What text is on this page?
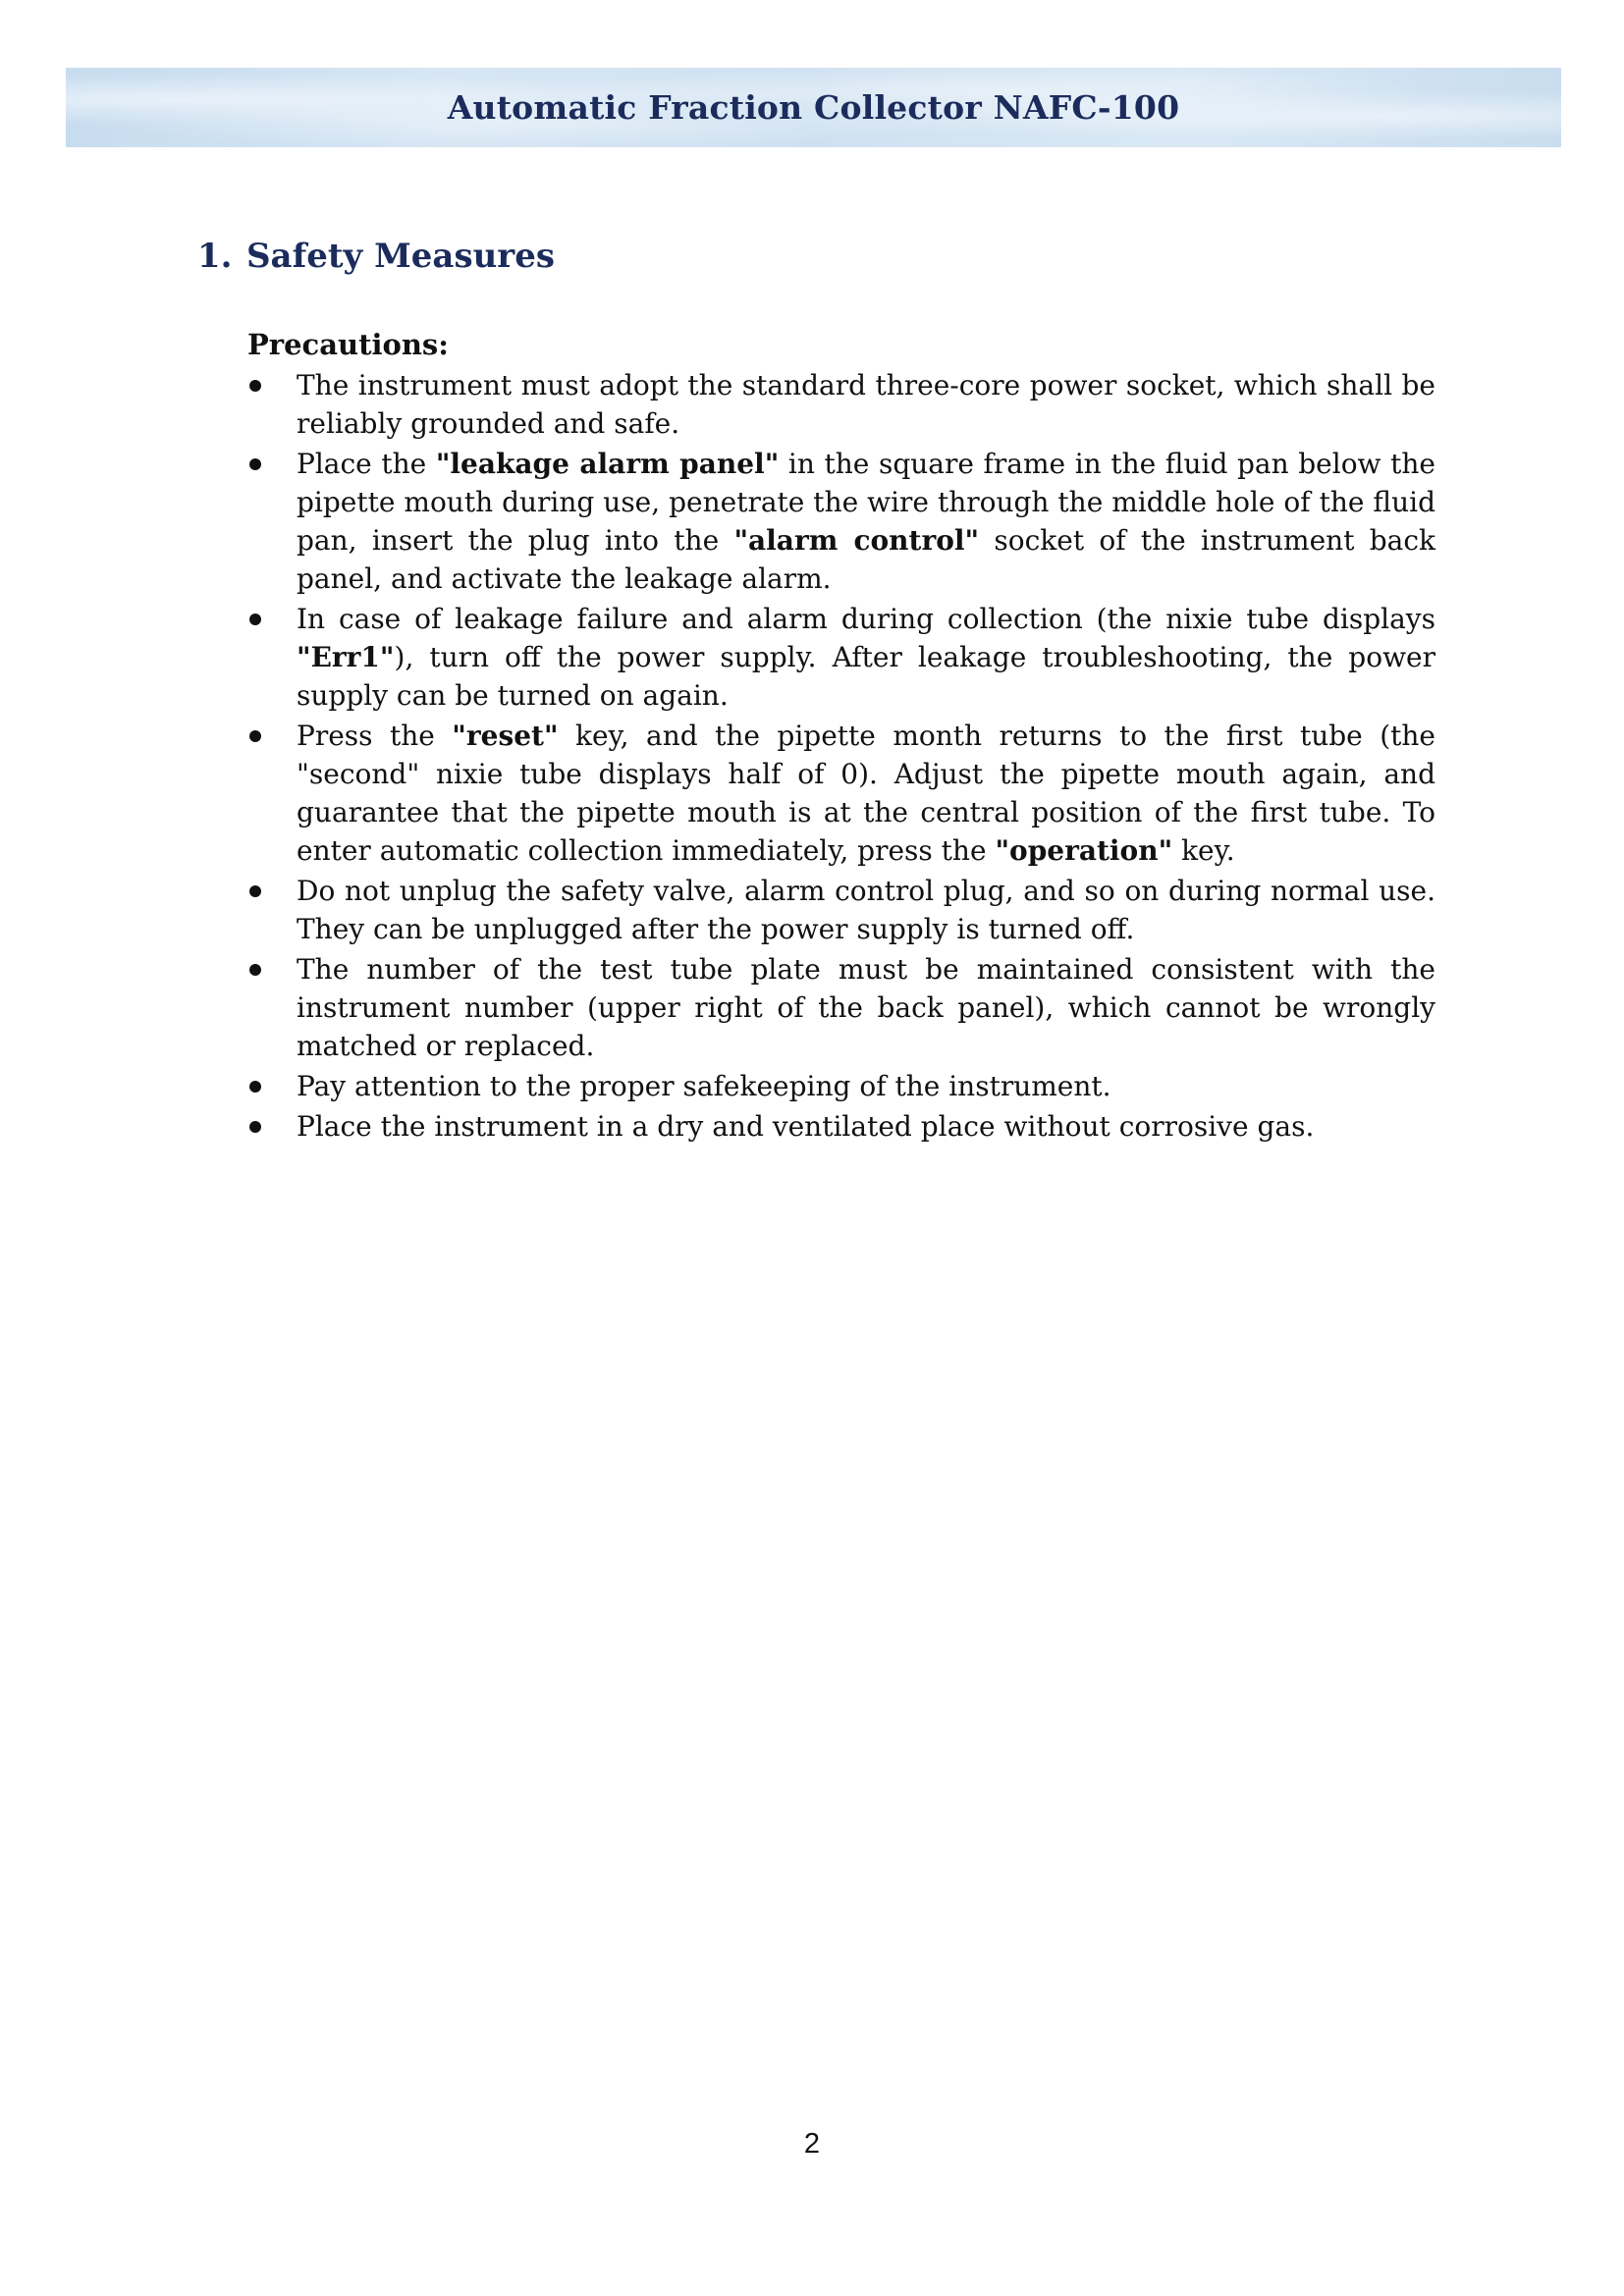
Automatic Fraction Collector NAFC-100
1. Safety Measures
Precautions:
The instrument must adopt the standard three-core power socket, which shall be reliably grounded and safe.
Place the "leakage alarm panel" in the square frame in the fluid pan below the pipette mouth during use, penetrate the wire through the middle hole of the fluid pan, insert the plug into the "alarm control" socket of the instrument back panel, and activate the leakage alarm.
In case of leakage failure and alarm during collection (the nixie tube displays "Err1"), turn off the power supply. After leakage troubleshooting, the power supply can be turned on again.
Press the "reset" key, and the pipette month returns to the first tube (the "second" nixie tube displays half of 0). Adjust the pipette mouth again, and guarantee that the pipette mouth is at the central position of the first tube. To enter automatic collection immediately, press the "operation" key.
Do not unplug the safety valve, alarm control plug, and so on during normal use. They can be unplugged after the power supply is turned off.
The number of the test tube plate must be maintained consistent with the instrument number (upper right of the back panel), which cannot be wrongly matched or replaced.
Pay attention to the proper safekeeping of the instrument.
Place the instrument in a dry and ventilated place without corrosive gas.
2
